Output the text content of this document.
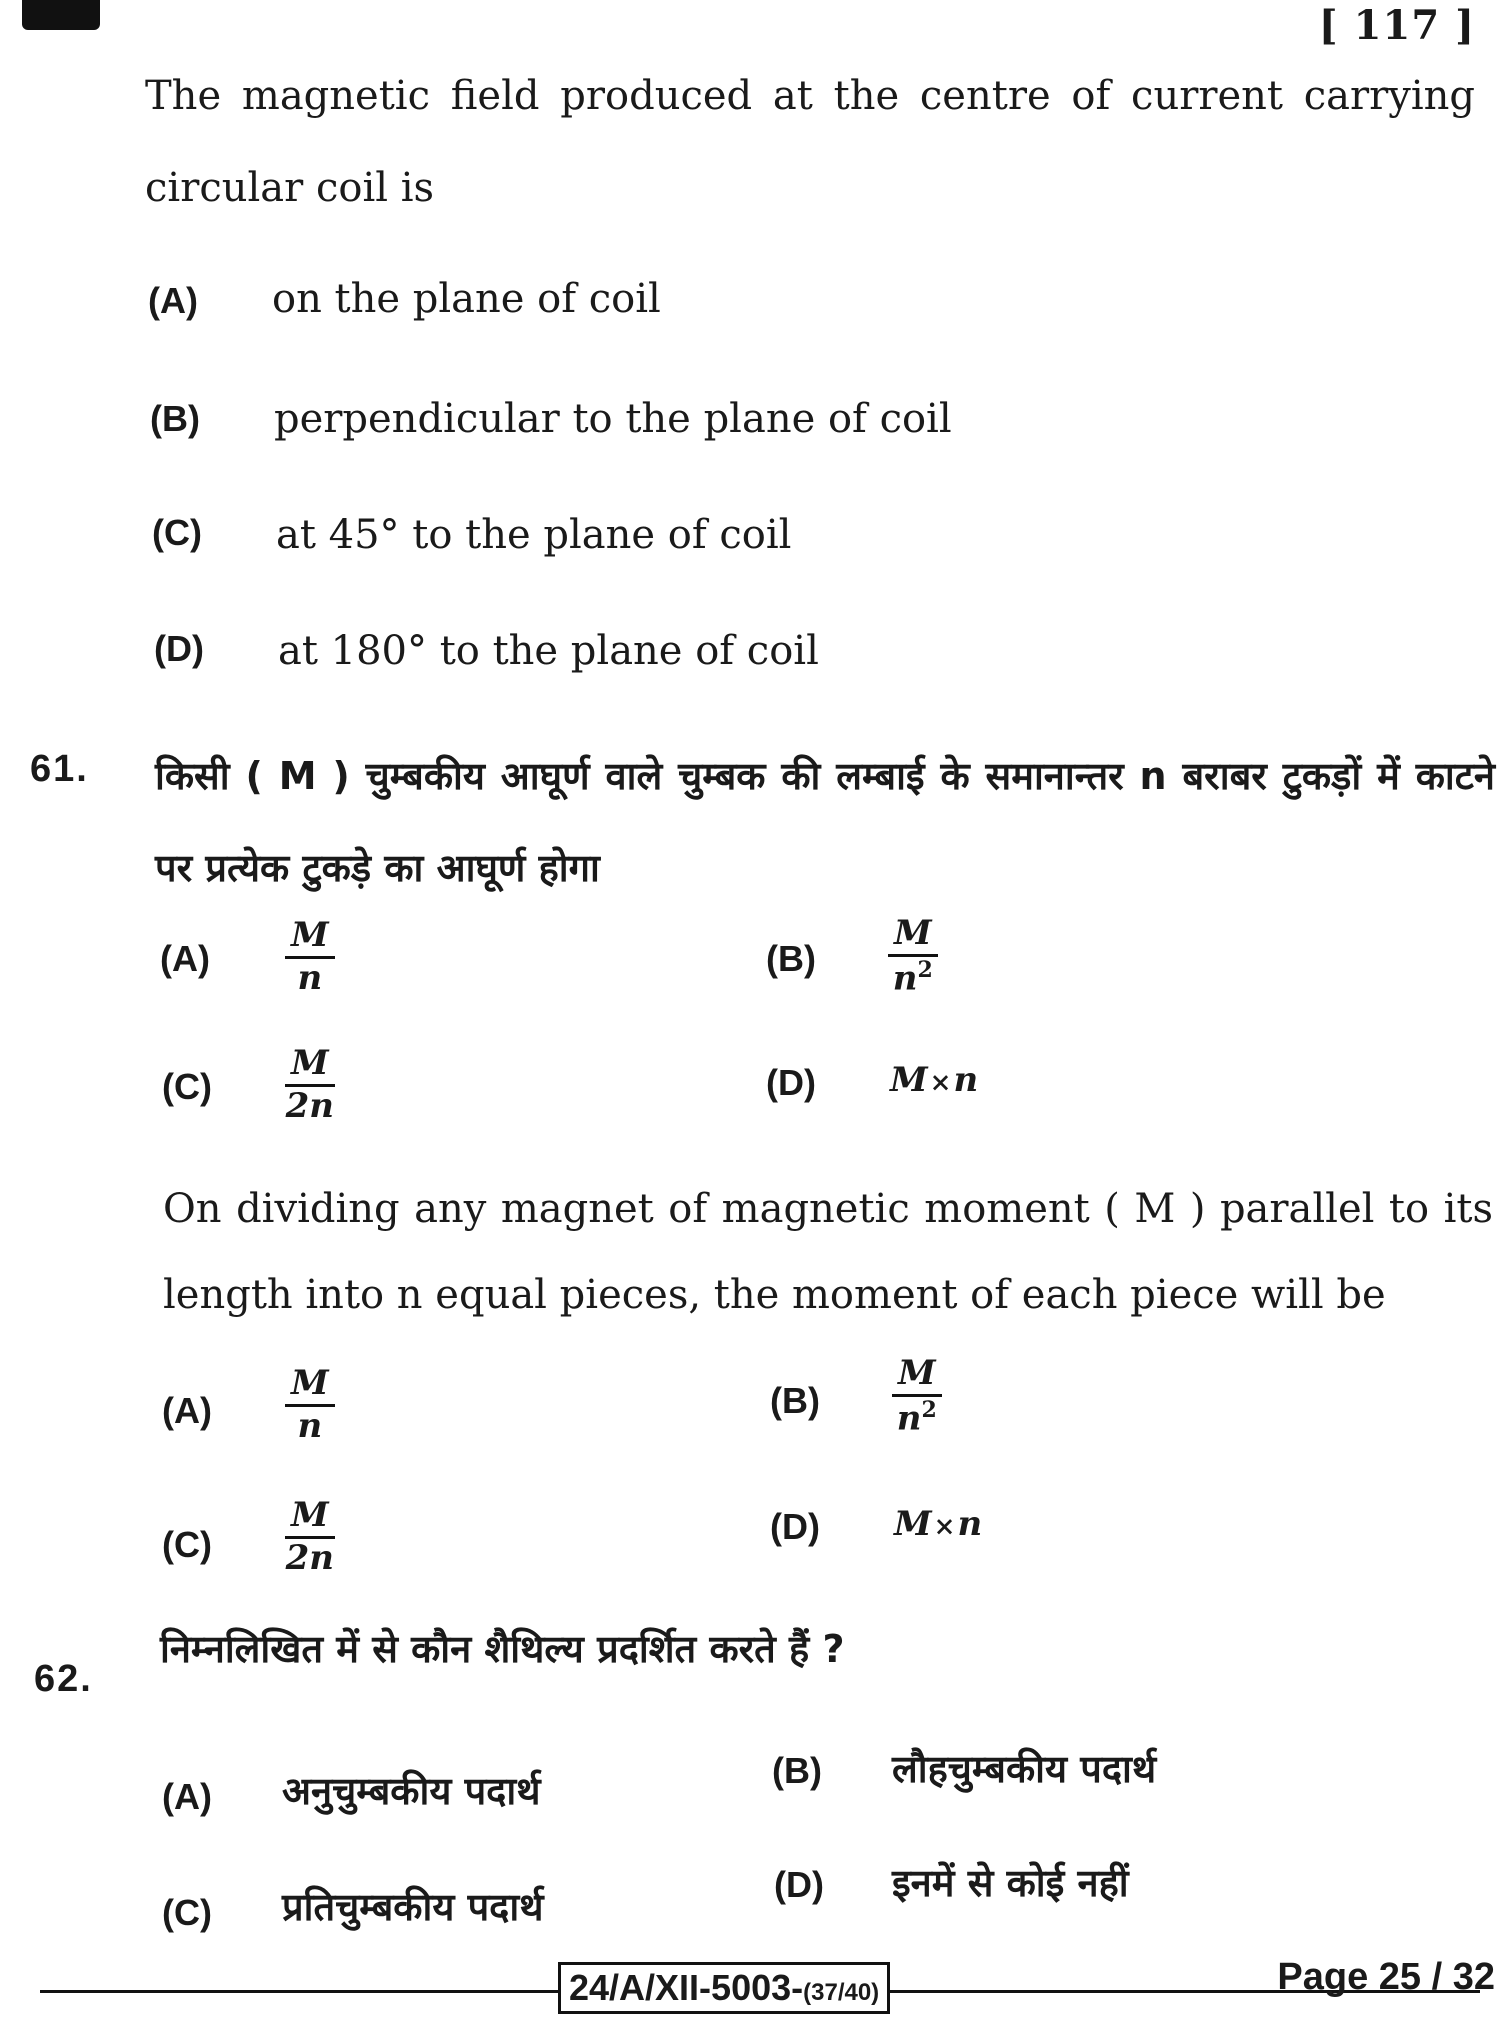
[ 117 ]
The magnetic field produced at the centre of current carrying circular coil is
(A) on the plane of coil
(B) perpendicular to the plane of coil
(C) at 45° to the plane of coil
(D) at 180° to the plane of coil
61. किसी ( M ) चुम्बकीय आघूर्ण वाले चुम्बक की लम्बाई के समानान्तर n बराबर टुकड़ों में काटने पर प्रत्येक टुकड़े का आघूर्ण होगा
$(A) \frac{M}{n}$	$(B) \frac{M}{n^2}$
$(C) \frac{M}{2n}$	(D) M×n
On dividing any magnet of magnetic moment ( M ) parallel to its length into n equal pieces, the moment of each piece will be
$(A) \frac{M}{n}$	$(B) \frac{M}{n^2}$
$(C) \frac{M}{2n}$	(D) M×n
62.
निम्नलिखित में से कौन शैथिल्य प्रदर्शित करते हैं ?
(A) अनुचुम्बकीय पदार्थ	(B) लौहचुम्बकीय पदार्थ
(C) प्रतिचुम्बकीय पदार्थ
(D) इनमें से कोई नहीं
24/A/XII-5003-(37/40)	Page 25 / 32
